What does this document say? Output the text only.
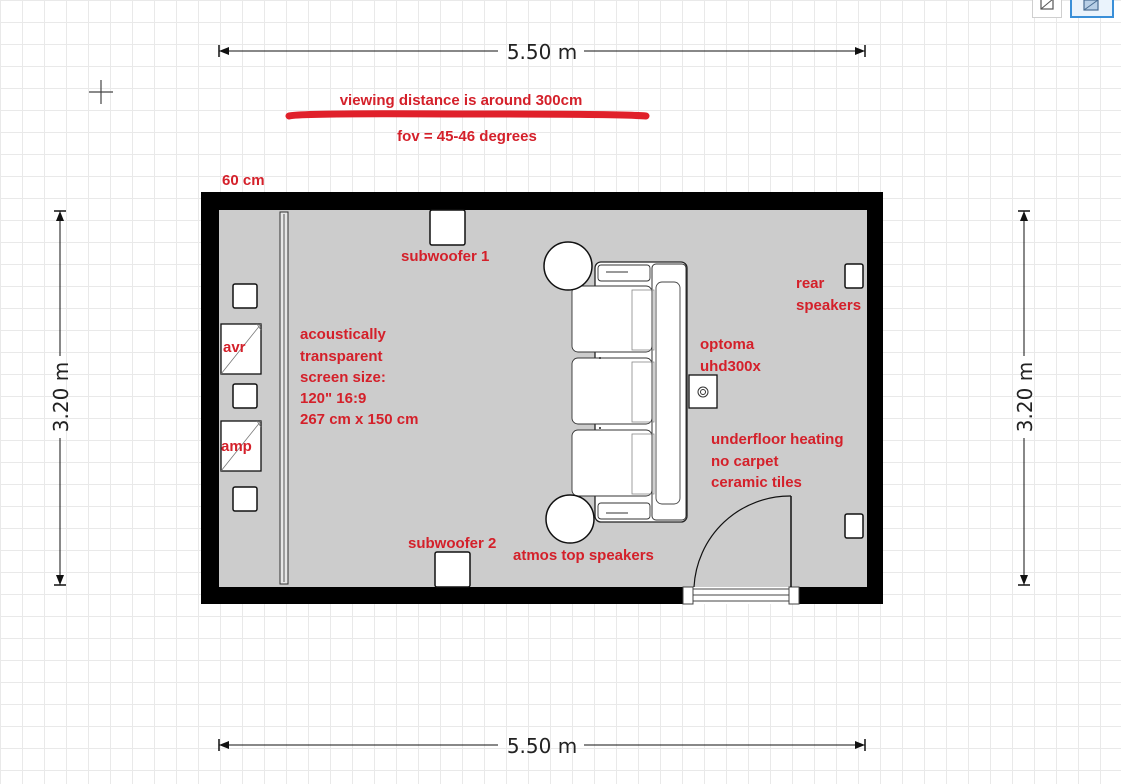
5.50 m
5.50 m
3.20 m	3.20 m
viewing distance is around 300cm
fov = 45-46 degrees
60 cm
avr
amp
subwoofer 1
subwoofer 2
atmos top speakers
optoma
uhd300x
rear
speakers
acoustically
transparent
screen size:
120" 16:9
267 cm x 150 cm
underfloor heating
no carpet
ceramic tiles
